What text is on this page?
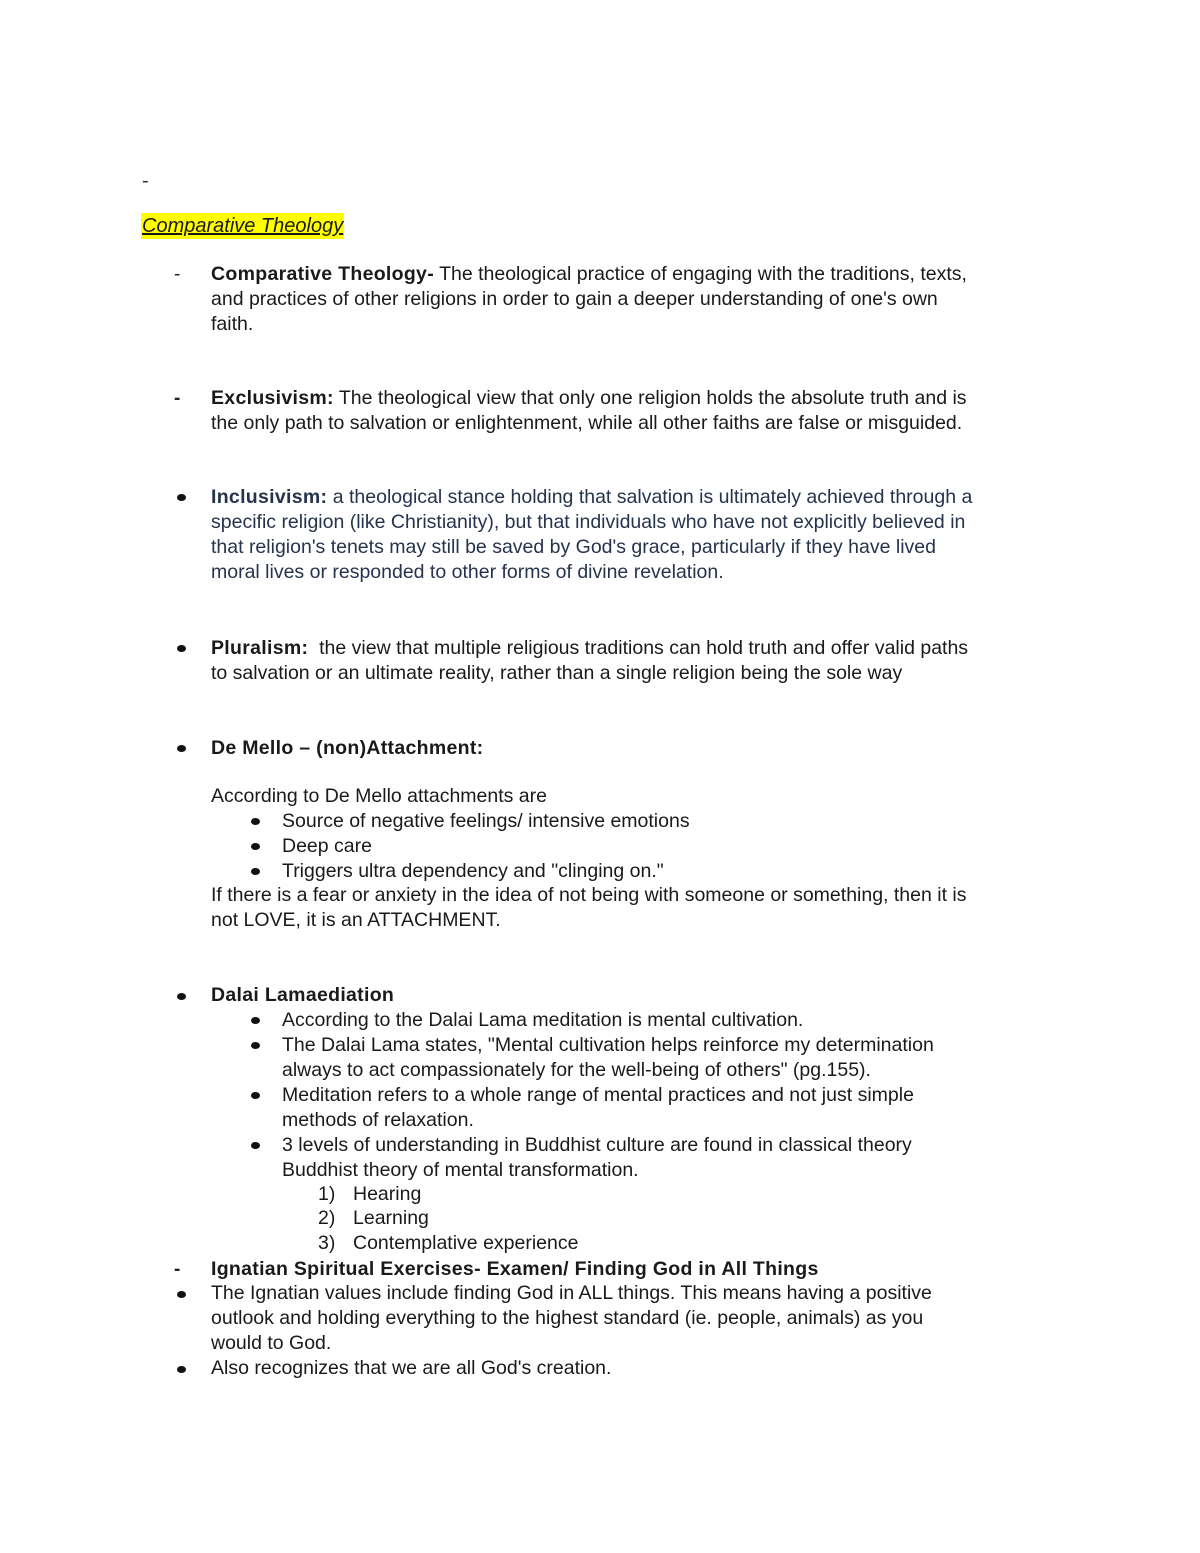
-
Comparative Theology
- Comparative Theology- The theological practice of engaging with the traditions, texts,
and practices of other religions in order to gain a deeper understanding of one's own
faith.
- Exclusivism: The theological view that only one religion holds the absolute truth and is
the only path to salvation or enlightenment, while all other faiths are false or misguided.
Inclusivism: a theological stance holding that salvation is ultimately achieved through a
specific religion (like Christianity), but that individuals who have not explicitly believed in
that religion's tenets may still be saved by God's grace, particularly if they have lived
moral lives or responded to other forms of divine revelation.
Pluralism:  the view that multiple religious traditions can hold truth and offer valid paths
to salvation or an ultimate reality, rather than a single religion being the sole way
De Mello – (non)Attachment:
According to De Mello attachments are
Source of negative feelings/ intensive emotions
Deep care
Triggers ultra dependency and "clinging on."
If there is a fear or anxiety in the idea of not being with someone or something, then it is
not LOVE, it is an ATTACHMENT.
Dalai Lamaediation
According to the Dalai Lama meditation is mental cultivation.
The Dalai Lama states, "Mental cultivation helps reinforce my determination
always to act compassionately for the well-being of others" (pg.155).
Meditation refers to a whole range of mental practices and not just simple
methods of relaxation.
3 levels of understanding in Buddhist culture are found in classical theory
Buddhist theory of mental transformation.
1) Hearing
2) Learning
3) Contemplative experience
- Ignatian Spiritual Exercises- Examen/ Finding God in All Things
The Ignatian values include finding God in ALL things. This means having a positive
outlook and holding everything to the highest standard (ie. people, animals) as you
would to God.
Also recognizes that we are all God's creation.
